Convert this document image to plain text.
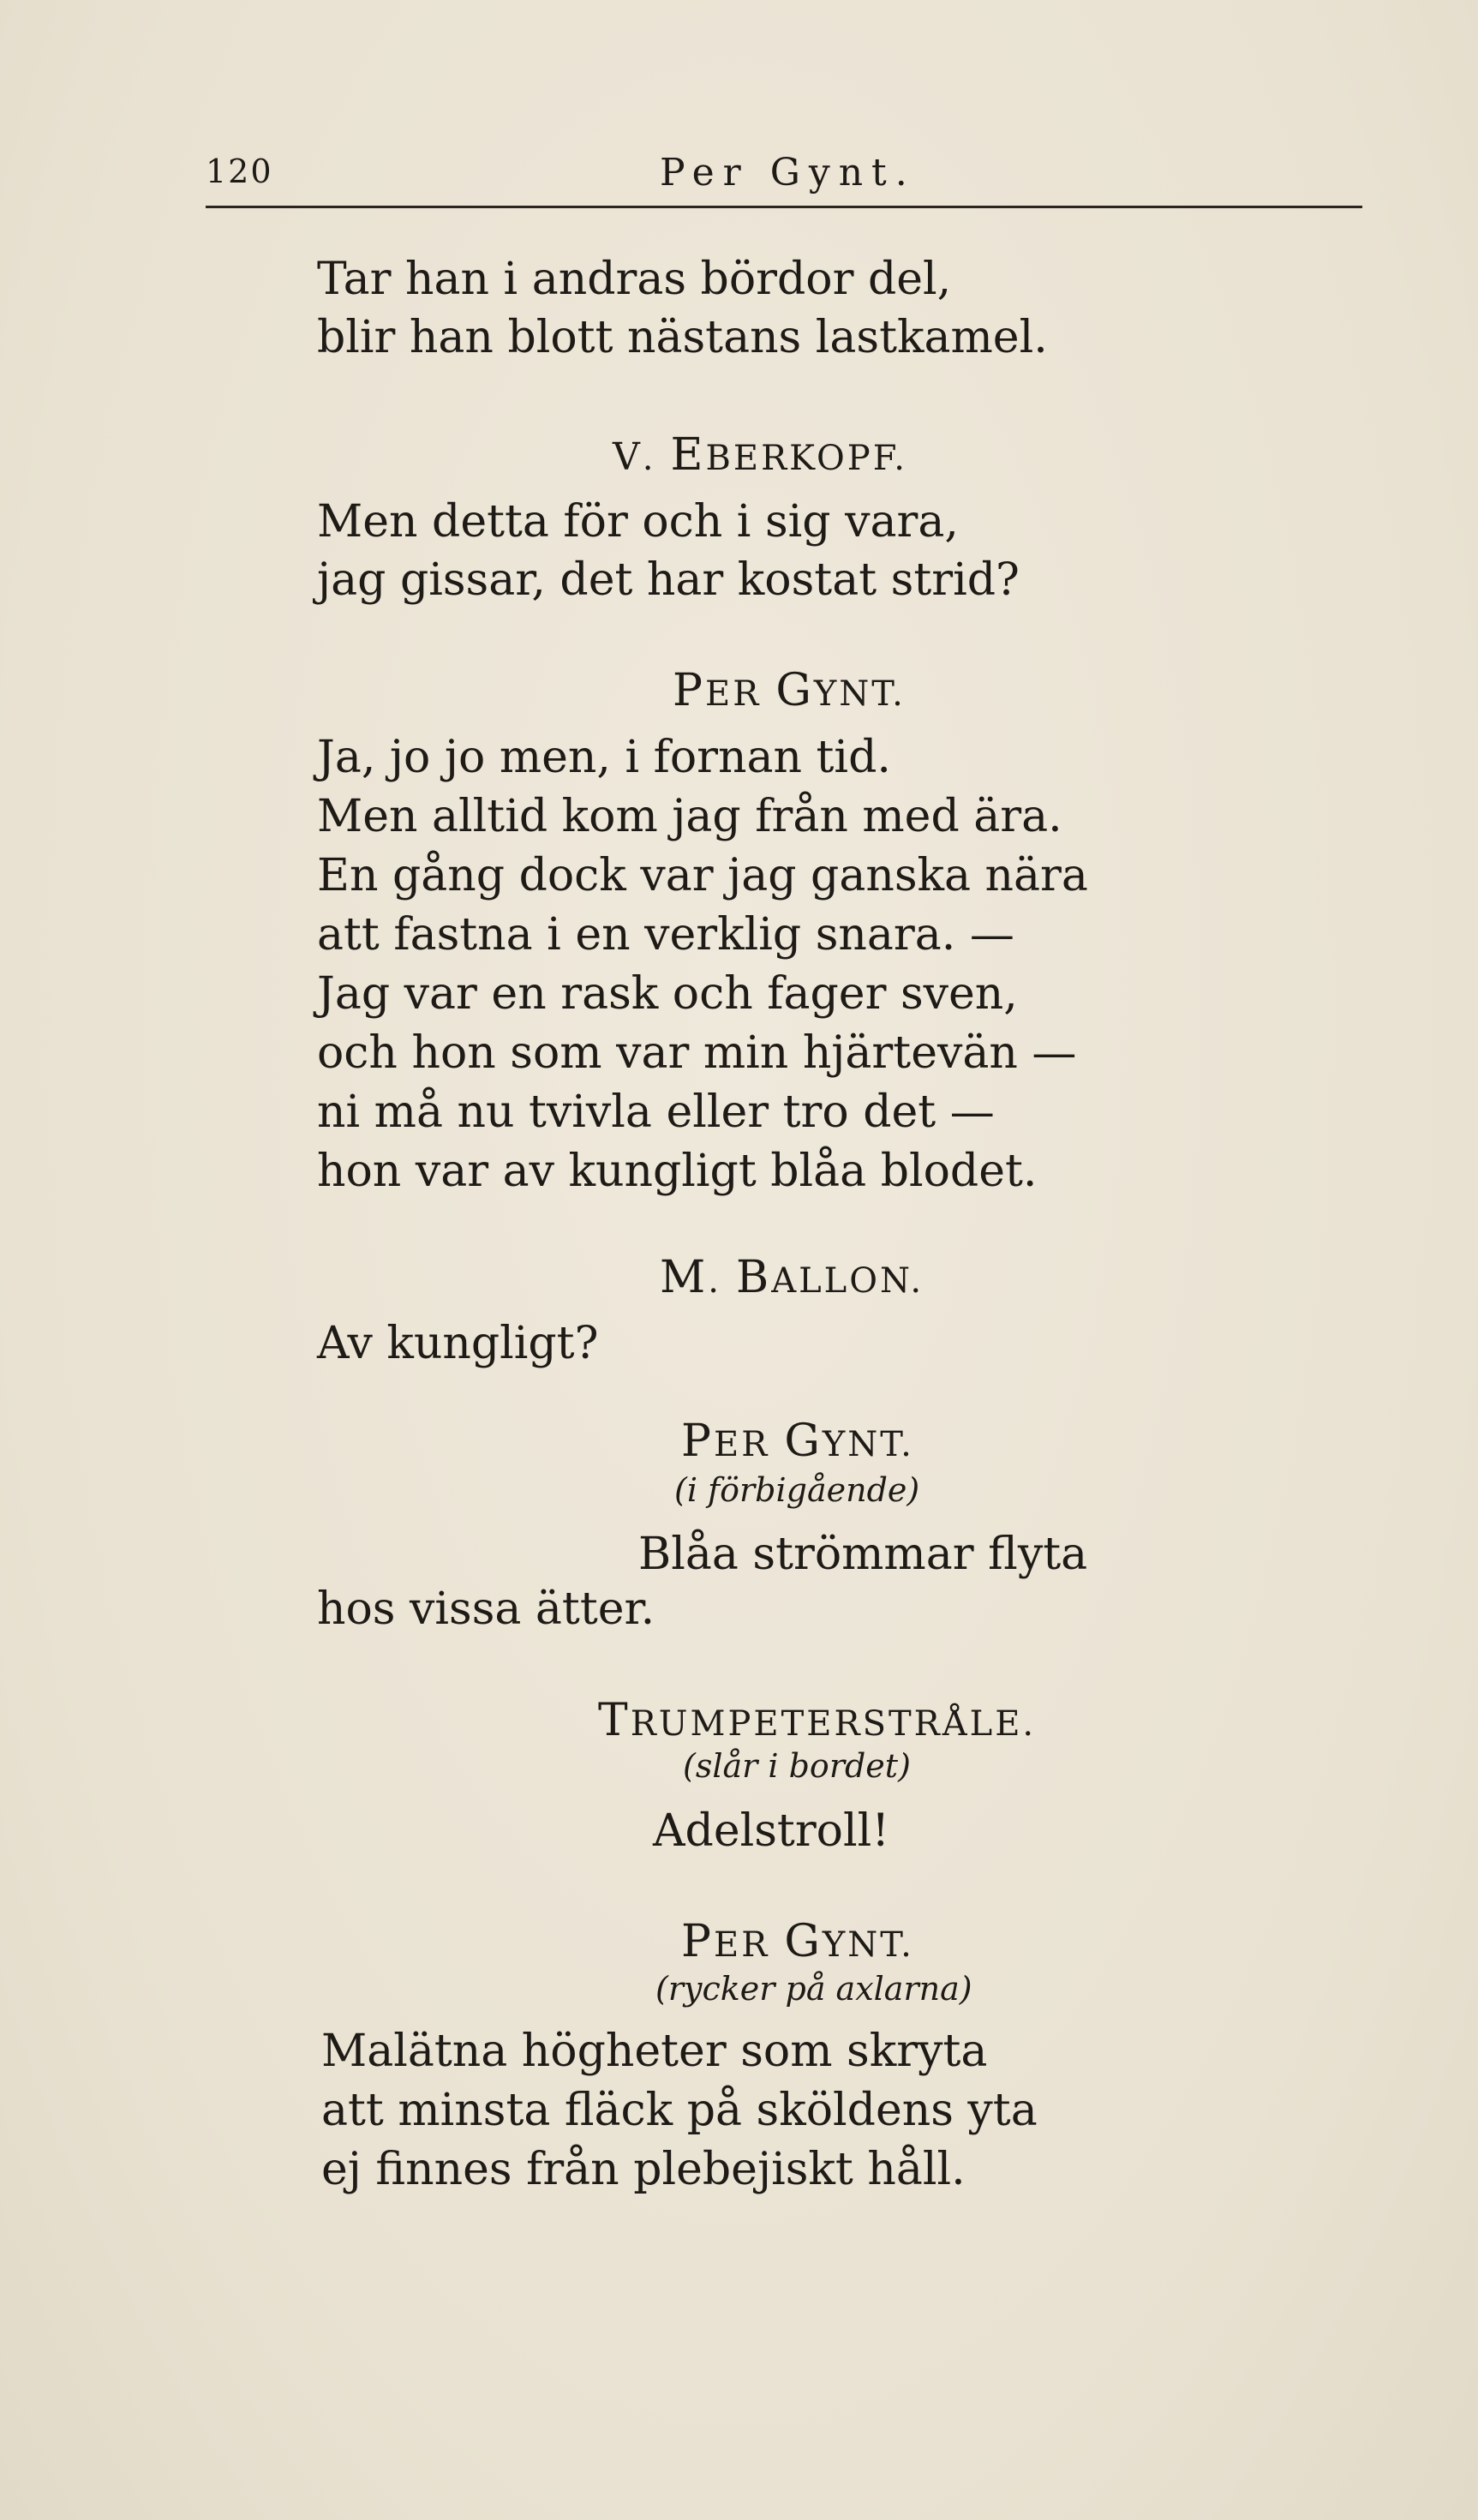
120	Per Gynt.
Tar han i andras bördor del,
blir han blott nästans lastkamel.
V. EBERKOPF.
Men detta för och i sig vara,
jag gissar, det har kostat strid?
PER GYNT.
Ja, jo jo men, i fornan tid.
Men alltid kom jag från med ära.
En gång dock var jag ganska nära
att fastna i en verklig snara. —
Jag var en rask och fager sven,
och hon som var min hjärtevän —
ni må nu tvivla eller tro det —
hon var av kungligt blåa blodet.
M. BALLON.
Av kungligt?
PER GYNT.
(i förbigående)
Blåa strömmar flyta
hos vissa ätter.
TRUMPETERSTRÅLE.
(slår i bordet)
Adelstroll!
PER GYNT.
(rycker på axlarna)
Malätna högheter som skryta
att minsta fläck på sköldens yta
ej finnes från plebejiskt håll.
